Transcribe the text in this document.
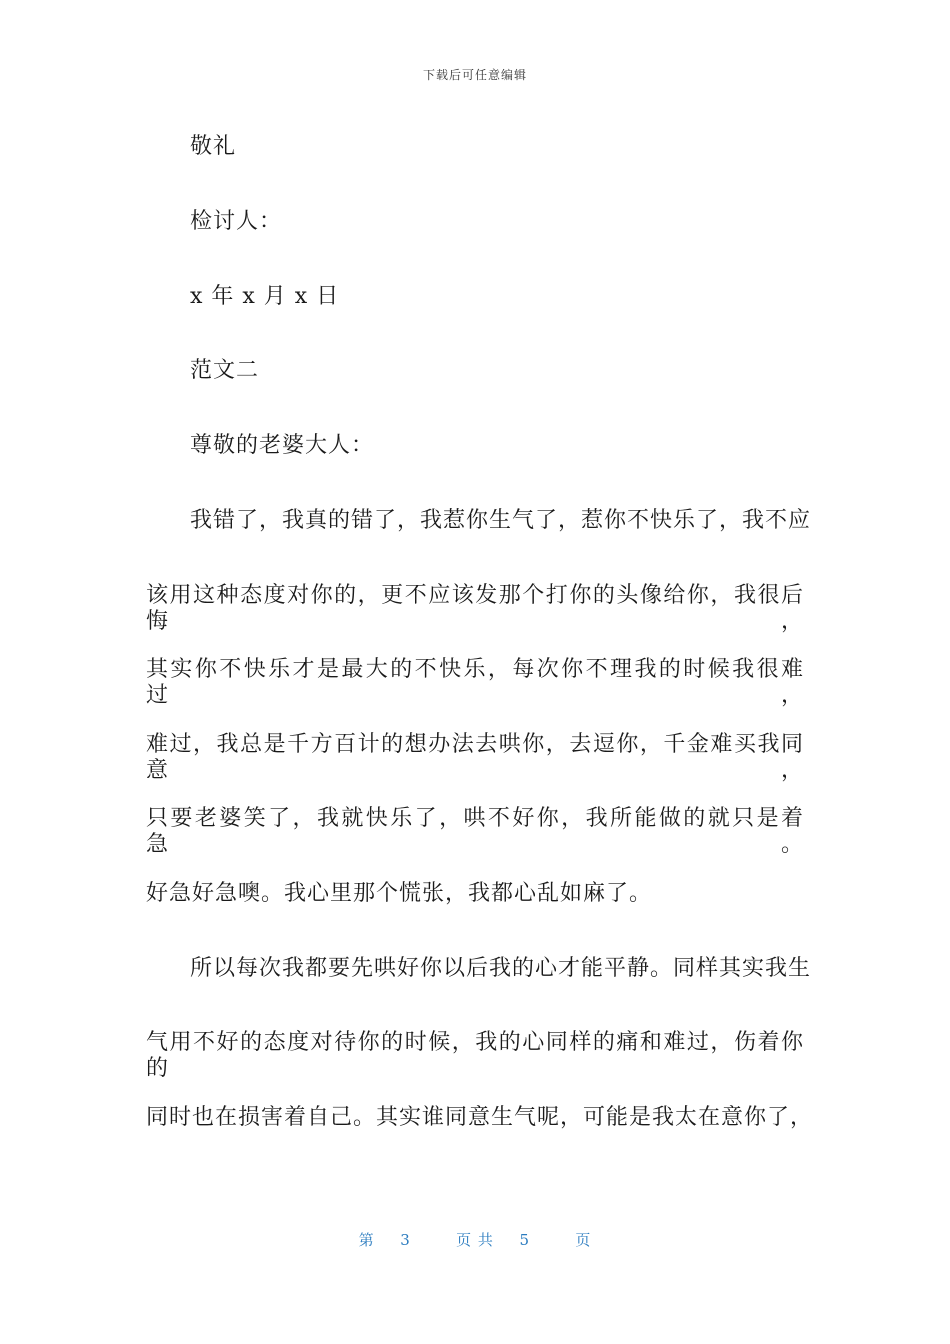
下载后可任意编辑
敬礼
检讨人：
x 年 x 月 x 日
范文二
尊敬的老婆大人：
我错了，我真的错了，我惹你生气了，惹你不快乐了，我不应
该用这种态度对你的，更不应该发那个打你的头像给你，我很后悔，
其实你不快乐才是最大的不快乐，每次你不理我的时候我很难过，
难过，我总是千方百计的想办法去哄你，去逗你，千金难买我同意，
只要老婆笑了，我就快乐了，哄不好你，我所能做的就只是着急。
好急好急噢。我心里那个慌张，我都心乱如麻了。
所以每次我都要先哄好你以后我的心才能平静。同样其实我生
气用不好的态度对待你的时候，我的心同样的痛和难过，伤着你的
同时也在损害着自己。其实谁同意生气呢，可能是我太在意你了，
第 3	页 共 5	页
